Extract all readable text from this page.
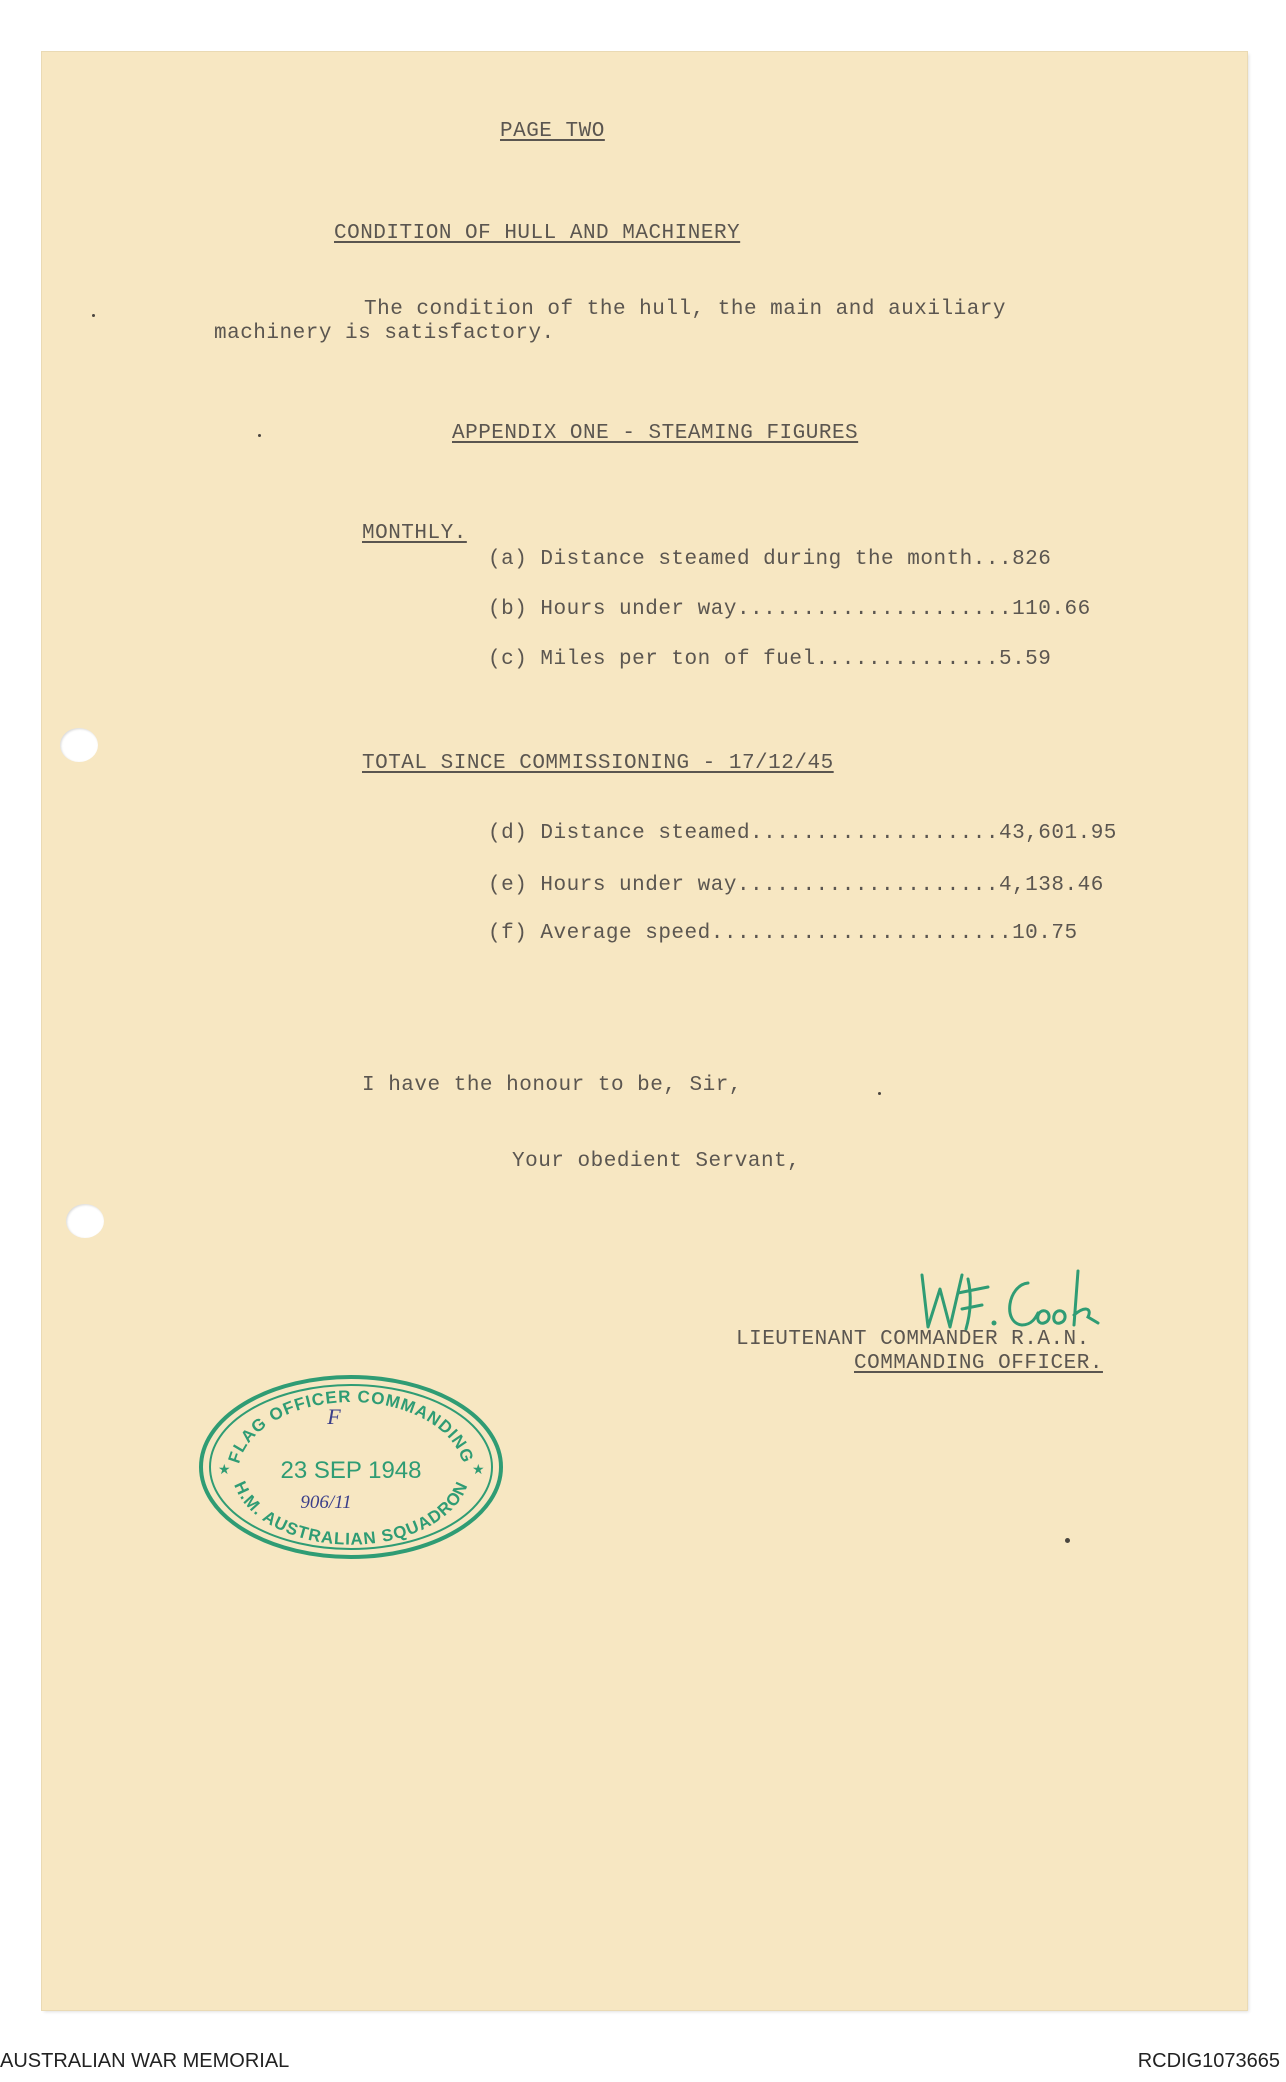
PAGE TWO
CONDITION OF HULL AND MACHINERY
The condition of the hull, the main and auxiliary
machinery is satisfactory.
APPENDIX ONE - STEAMING FIGURES
MONTHLY.
(a) Distance steamed during the month...826
(b) Hours under way.....................110.66
(c) Miles per ton of fuel..............5.59
TOTAL SINCE COMMISSIONING - 17/12/45
(d) Distance steamed...................43,601.95
(e) Hours under way....................4,138.46
(f) Average speed.......................10.75
I have the honour to be, Sir,
Your obedient Servant,
LIEUTENANT COMMANDER R.A.N.
COMMANDING OFFICER.
FLAG OFFICER COMMANDING
H.M. AUSTRALIAN SQUADRON
★	★
23 SEP 1948
F
906/11
AUSTRALIAN WAR MEMORIAL	RCDIG1073665
